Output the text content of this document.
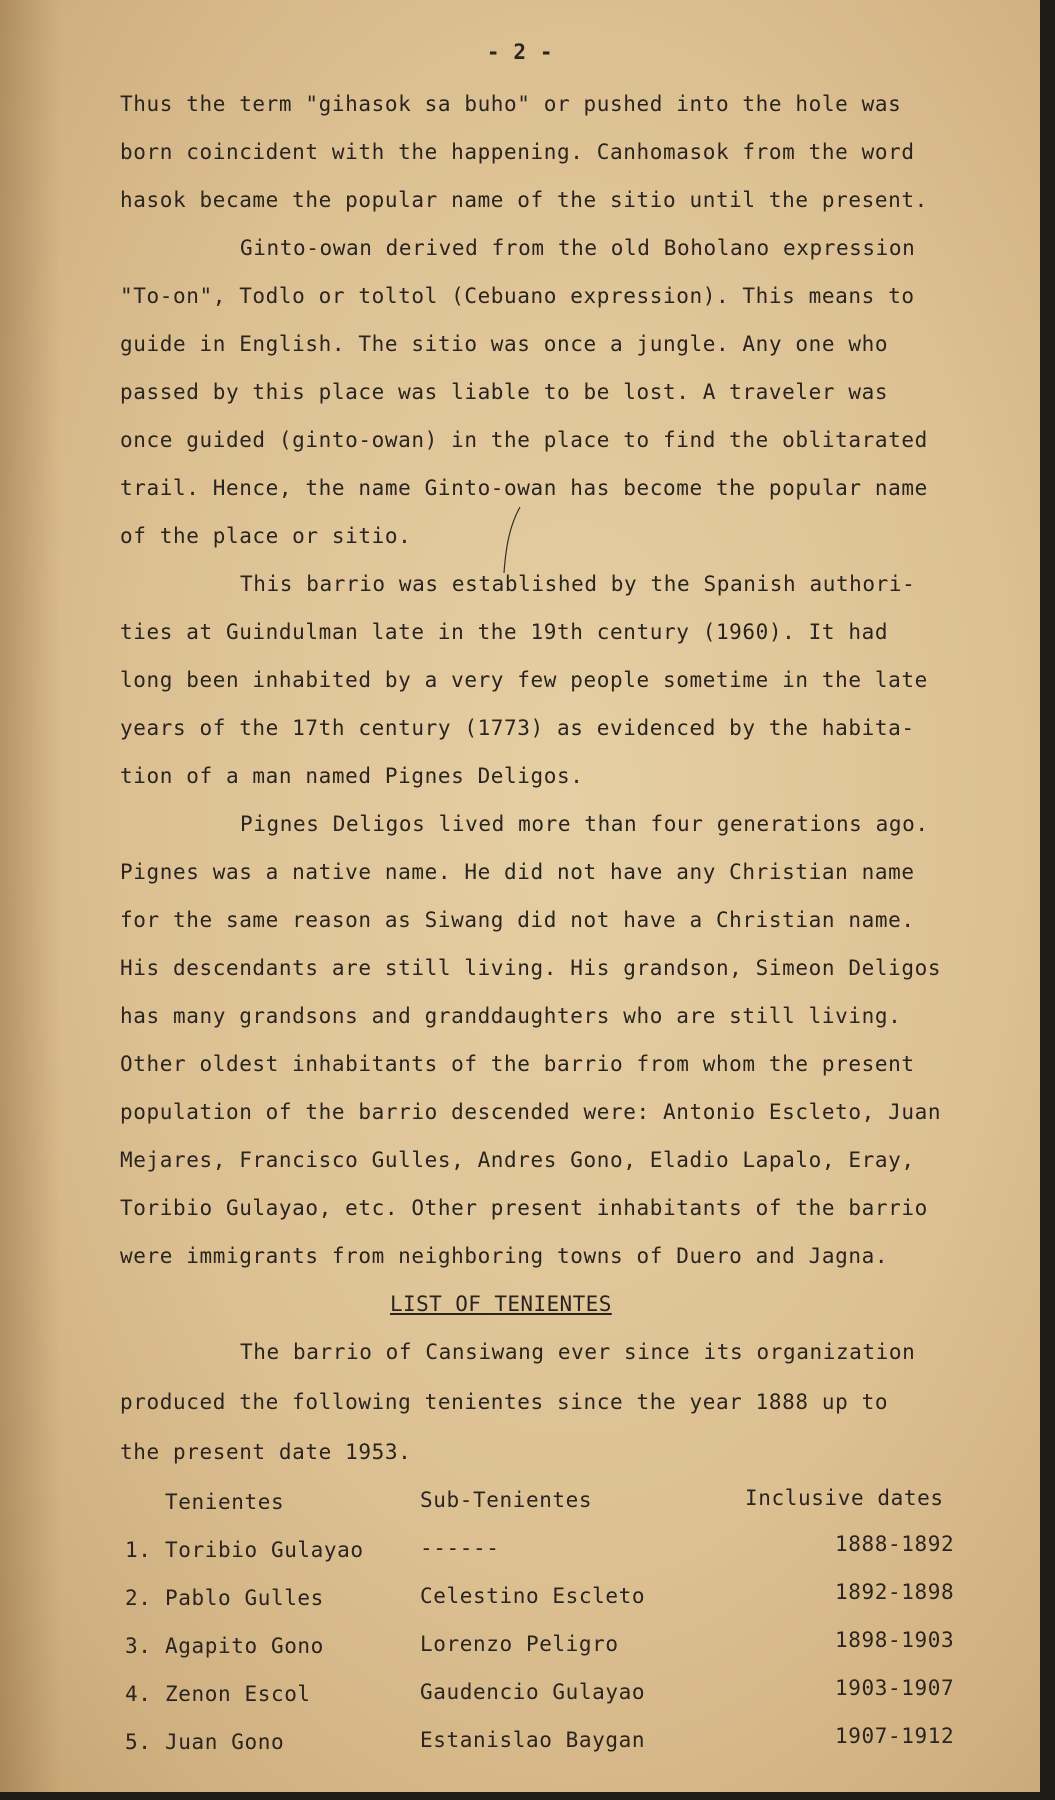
- 2 -
Thus the term "gihasok sa buho" or pushed into the hole was
born coincident with the happening. Canhomasok from the word
hasok became the popular name of the sitio until the present.
Ginto-owan derived from the old Boholano expression
"To-on", Todlo or toltol (Cebuano expression). This means to
guide in English. The sitio was once a jungle. Any one who
passed by this place was liable to be lost. A traveler was
once guided (ginto-owan) in the place to find the oblitarated
trail. Hence, the name Ginto-owan has become the popular name
of the place or sitio.
This barrio was established by the Spanish authori-
ties at Guindulman late in the 19th century (1960). It had
long been inhabited by a very few people sometime in the late
years of the 17th century (1773) as evidenced by the habita-
tion of a man named Pignes Deligos.
Pignes Deligos lived more than four generations ago.
Pignes was a native name. He did not have any Christian name
for the same reason as Siwang did not have a Christian name.
His descendants are still living. His grandson, Simeon Deligos
has many grandsons and granddaughters who are still living.
Other oldest inhabitants of the barrio from whom the present
population of the barrio descended were: Antonio Escleto, Juan
Mejares, Francisco Gulles, Andres Gono, Eladio Lapalo, Eray,
Toribio Gulayao, etc. Other present inhabitants of the barrio
were immigrants from neighboring towns of Duero and Jagna.
LIST OF TENIENTES
The barrio of Cansiwang ever since its organization
produced the following tenientes since the year 1888 up to
the present date 1953.
Tenientes	Sub-Tenientes	Inclusive dates
1. Toribio Gulayao	------	1888-1892
2. Pablo Gulles	Celestino Escleto	1892-1898
3. Agapito Gono	Lorenzo Peligro	1898-1903
4. Zenon Escol	Gaudencio Gulayao	1903-1907
5. Juan Gono	Estanislao Baygan	1907-1912
